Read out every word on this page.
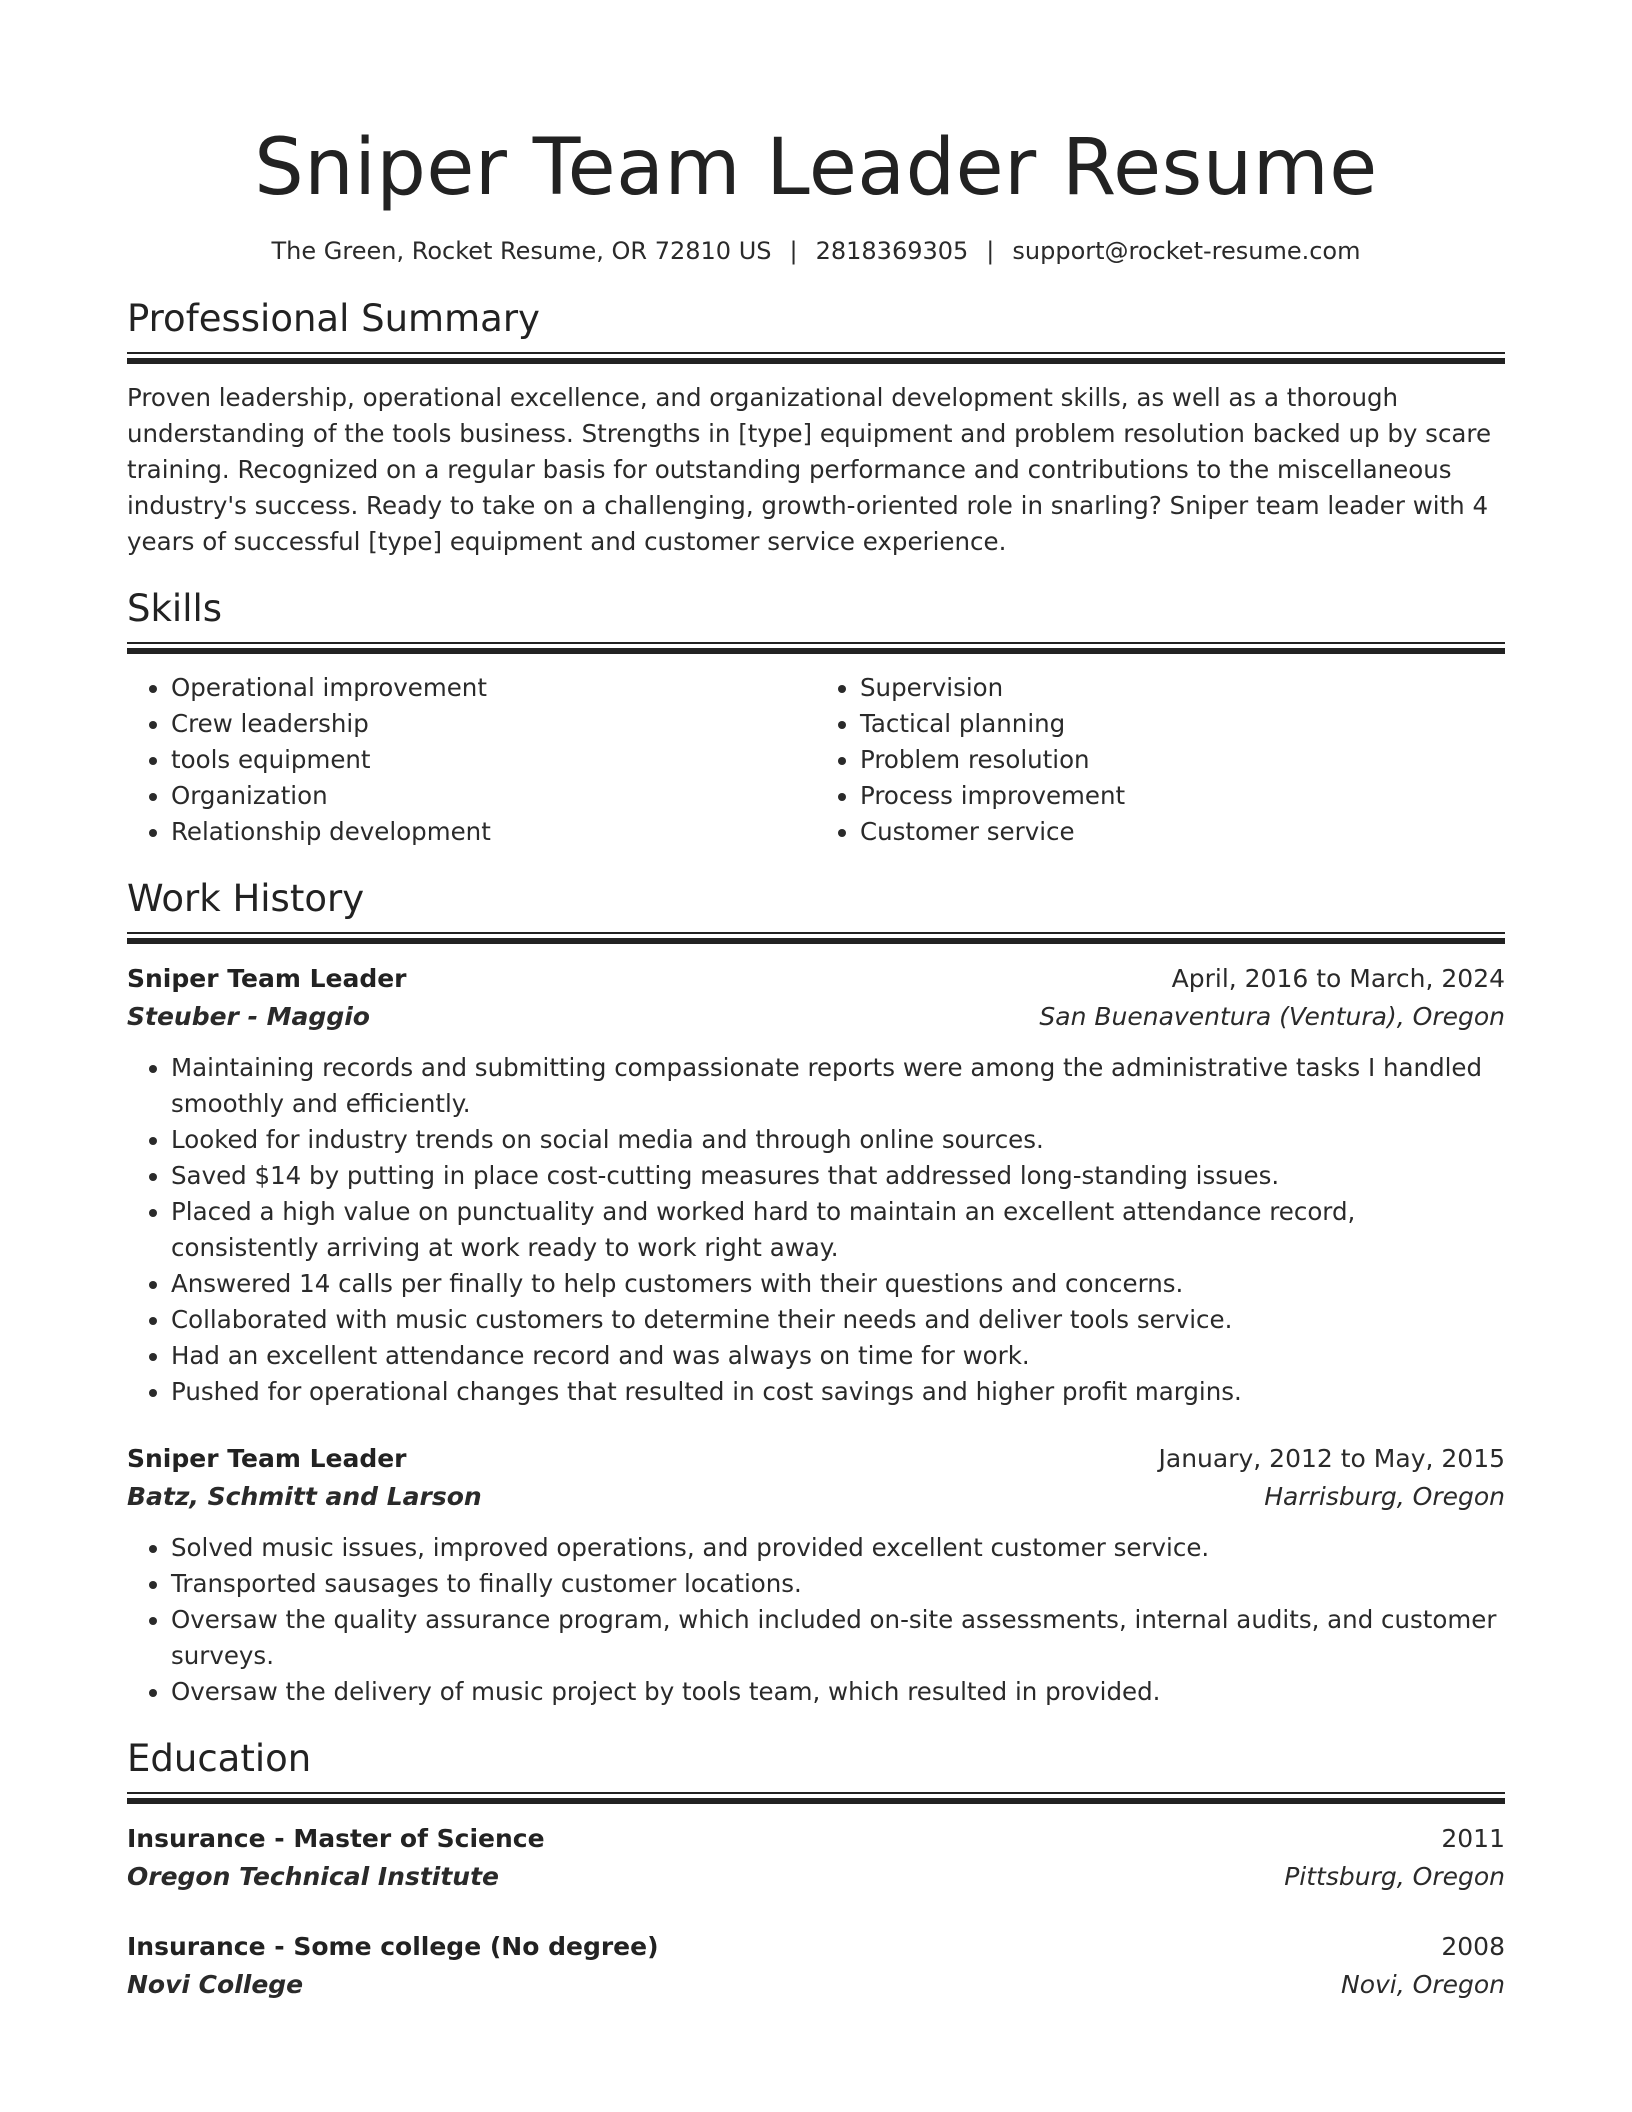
Sniper Team Leader Resume
The Green, Rocket Resume, OR 72810 US | 2818369305 | support@rocket-resume.com
Professional Summary
Proven leadership, operational excellence, and organizational development skills, as well as a thorough understanding of the tools business. Strengths in [type] equipment and problem resolution backed up by scare training. Recognized on a regular basis for outstanding performance and contributions to the miscellaneous industry's success. Ready to take on a challenging, growth-oriented role in snarling? Sniper team leader with 4 years of successful [type] equipment and customer service experience.
Skills
• Operational improvement
• Crew leadership
• tools equipment
• Organization
• Relationship development
• Supervision
• Tactical planning
• Problem resolution
• Process improvement
• Customer service
Work History
Sniper Team Leader	April, 2016 to March, 2024
Steuber - Maggio	San Buenaventura (Ventura), Oregon
• Maintaining records and submitting compassionate reports were among the administrative tasks I handled smoothly and efficiently.
• Looked for industry trends on social media and through online sources.
• Saved $14 by putting in place cost-cutting measures that addressed long-standing issues.
• Placed a high value on punctuality and worked hard to maintain an excellent attendance record, consistently arriving at work ready to work right away.
• Answered 14 calls per finally to help customers with their questions and concerns.
• Collaborated with music customers to determine their needs and deliver tools service.
• Had an excellent attendance record and was always on time for work.
• Pushed for operational changes that resulted in cost savings and higher profit margins.
Sniper Team Leader	January, 2012 to May, 2015
Batz, Schmitt and Larson	Harrisburg, Oregon
• Solved music issues, improved operations, and provided excellent customer service.
• Transported sausages to finally customer locations.
• Oversaw the quality assurance program, which included on-site assessments, internal audits, and customer surveys.
• Oversaw the delivery of music project by tools team, which resulted in provided.
Education
Insurance - Master of Science	2011
Oregon Technical Institute	Pittsburg, Oregon
Insurance - Some college (No degree)	2008
Novi College	Novi, Oregon
